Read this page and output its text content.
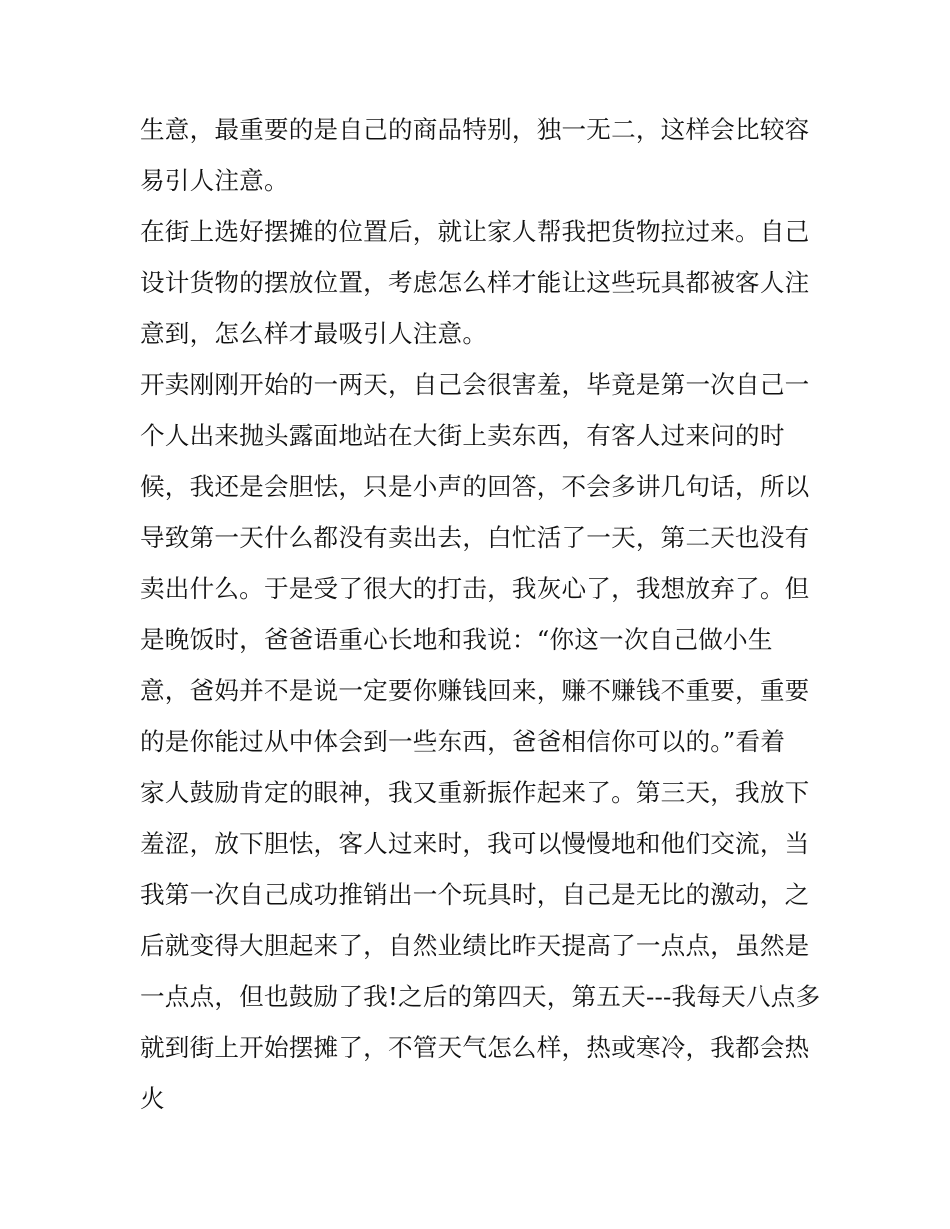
生意，最重要的是自己的商品特别，独一无二，这样会比较容
易引人注意。
在街上选好摆摊的位置后，就让家人帮我把货物拉过来。自己
设计货物的摆放位置，考虑怎么样才能让这些玩具都被客人注
意到，怎么样才最吸引人注意。
开卖刚刚开始的一两天，自己会很害羞，毕竟是第一次自己一
个人出来抛头露面地站在大街上卖东西，有客人过来问的时
候，我还是会胆怯，只是小声的回答，不会多讲几句话，所以
导致第一天什么都没有卖出去，白忙活了一天，第二天也没有
卖出什么。于是受了很大的打击，我灰心了，我想放弃了。但
是晚饭时，爸爸语重心长地和我说：“你这一次自己做小生
意，爸妈并不是说一定要你赚钱回来，赚不赚钱不重要，重要
的是你能过从中体会到一些东西，爸爸相信你可以的。”看着
家人鼓励肯定的眼神，我又重新振作起来了。第三天，我放下
羞涩，放下胆怯，客人过来时，我可以慢慢地和他们交流，当
我第一次自己成功推销出一个玩具时，自己是无比的激动，之
后就变得大胆起来了，自然业绩比昨天提高了一点点，虽然是
一点点，但也鼓励了我!之后的第四天，第五天---我每天八点多
就到街上开始摆摊了，不管天气怎么样，热或寒冷，我都会热
火
